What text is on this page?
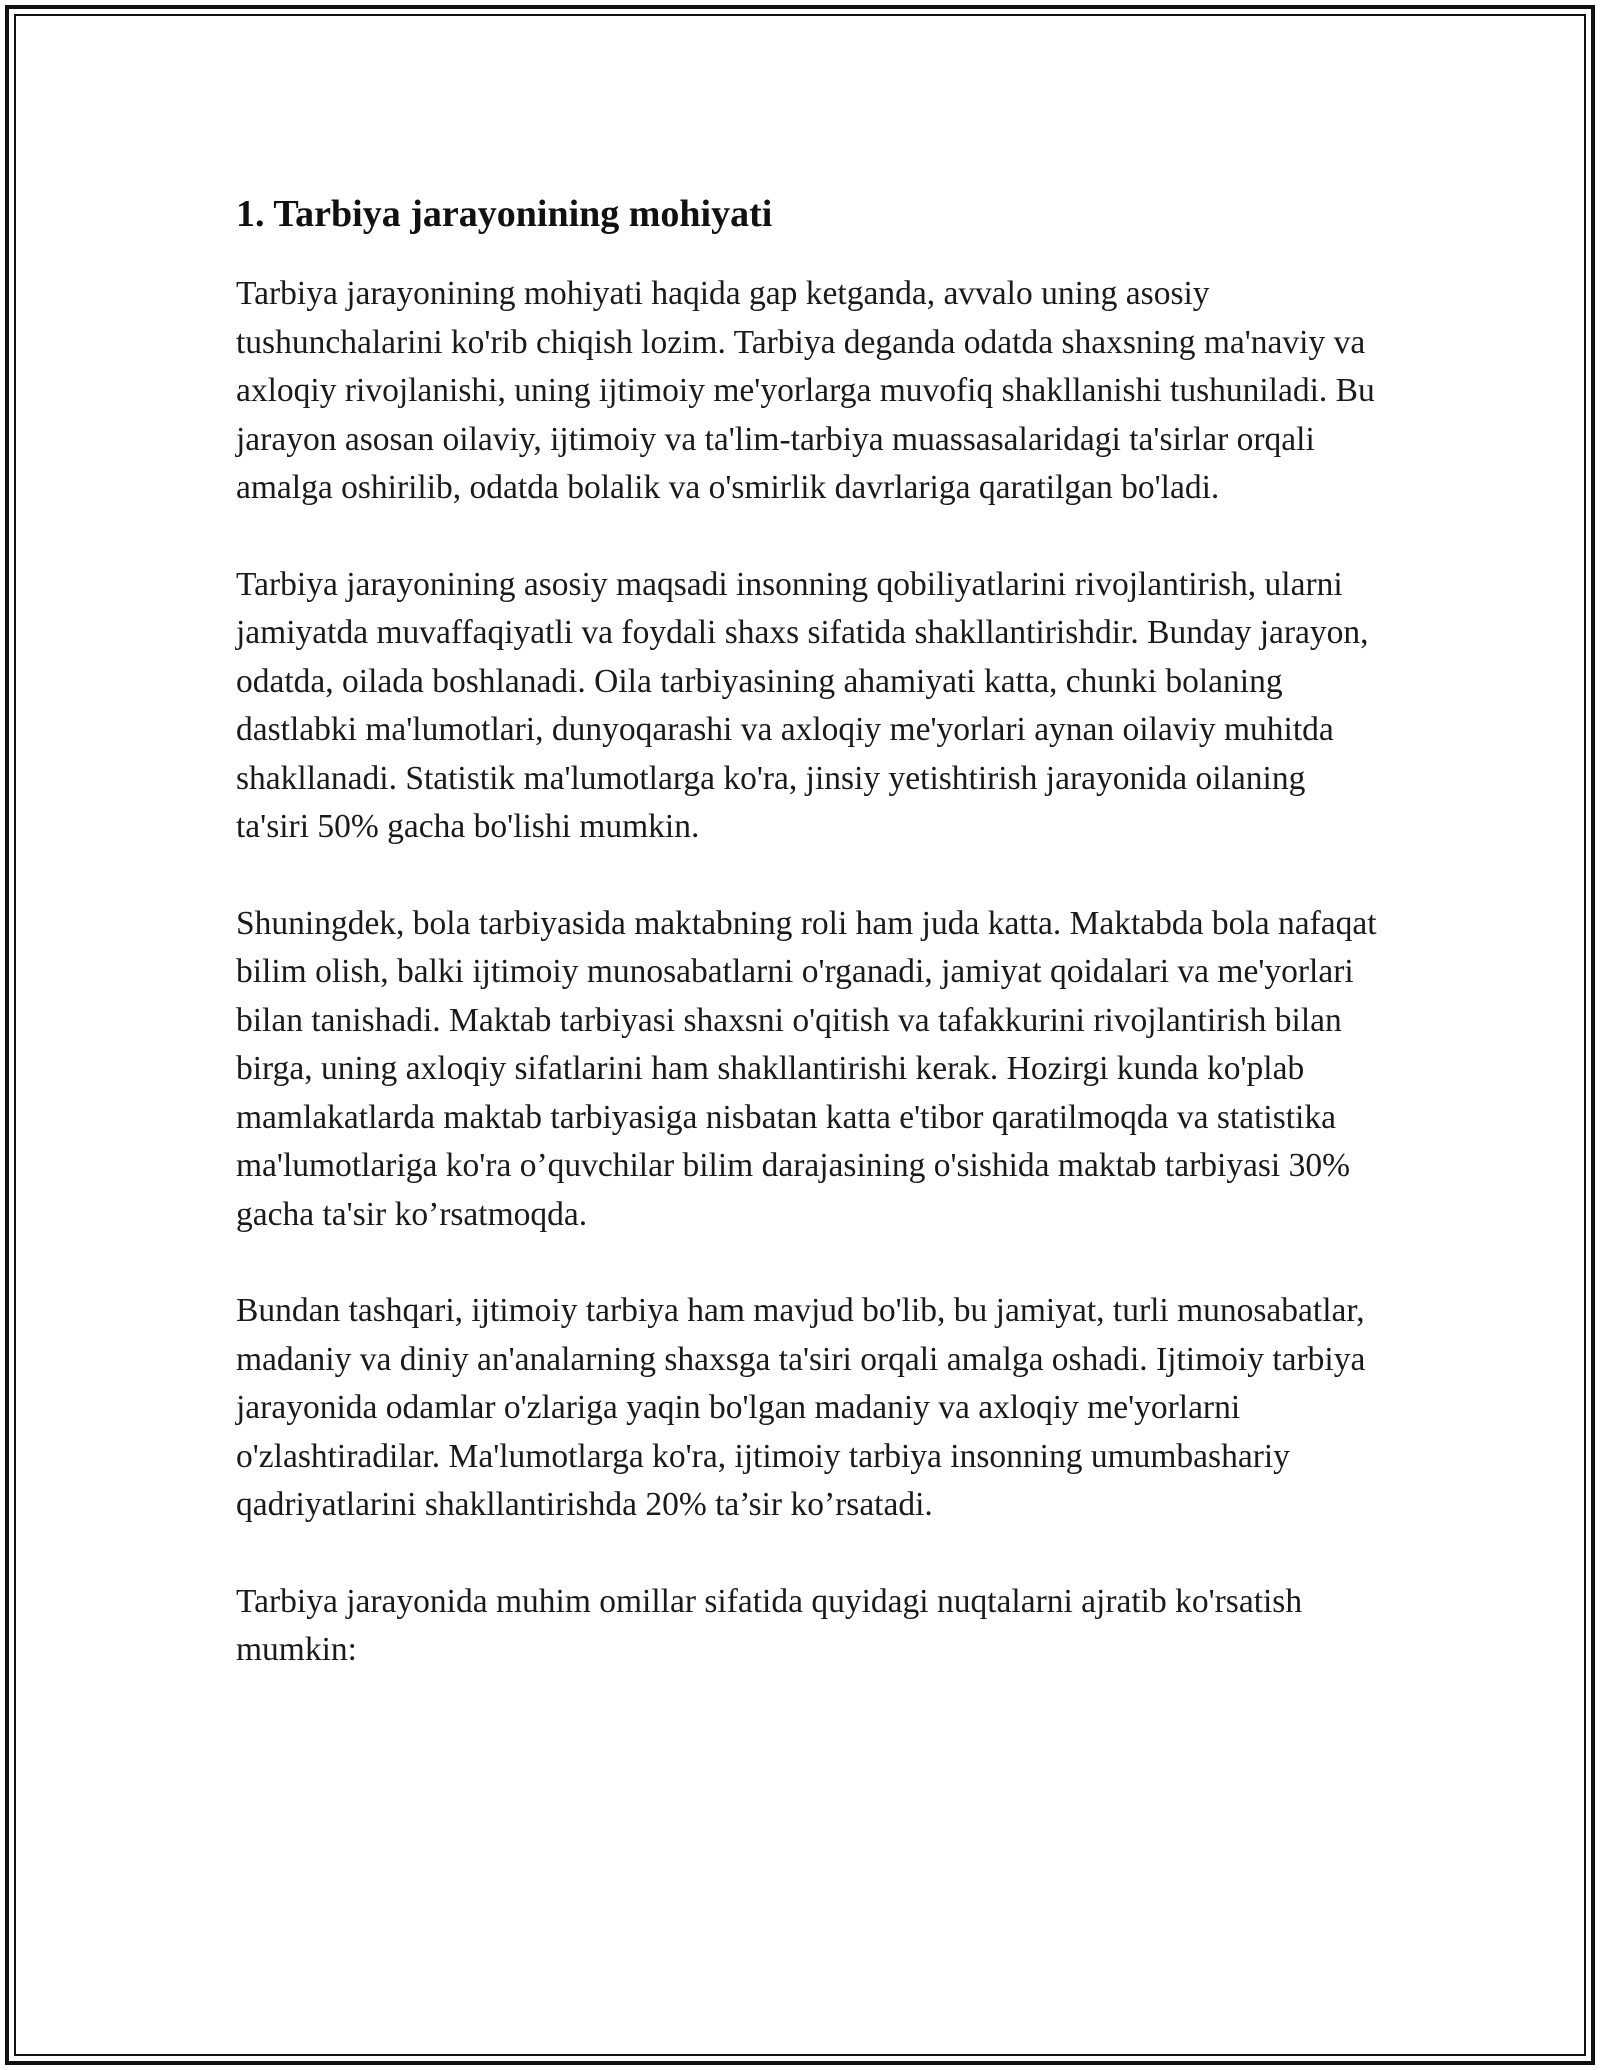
1. Tarbiya jarayonining mohiyati

Tarbiya jarayonining mohiyati haqida gap ketganda, avvalo uning asosiy tushunchalarini ko'rib chiqish lozim. Tarbiya deganda odatda shaxsning ma'naviy va axloqiy rivojlanishi, uning ijtimoiy me'yorlarga muvofiq shakllanishi tushuniladi. Bu jarayon asosan oilaviy, ijtimoiy va ta'lim-tarbiya muassasalaridagi ta'sirlar orqali amalga oshirilib, odatda bolalik va o'smirlik davrlariga qaratilgan bo'ladi.

Tarbiya jarayonining asosiy maqsadi insonning qobiliyatlarini rivojlantirish, ularni jamiyatda muvaffaqiyatli va foydali shaxs sifatida shakllantirishdir. Bunday jarayon, odatda, oilada boshlanadi. Oila tarbiyasining ahamiyati katta, chunki bolaning dastlabki ma'lumotlari, dunyoqarashi va axloqiy me'yorlari aynan oilaviy muhitda shakllanadi. Statistik ma'lumotlarga ko'ra, jinsiy yetishtirish jarayonida oilaning ta'siri 50% gacha bo'lishi mumkin.

Shuningdek, bola tarbiyasida maktabning roli ham juda katta. Maktabda bola nafaqat bilim olish, balki ijtimoiy munosabatlarni o'rganadi, jamiyat qoidalari va me'yorlari bilan tanishadi. Maktab tarbiyasi shaxsni o'qitish va tafakkurini rivojlantirish bilan birga, uning axloqiy sifatlarini ham shakllantirishi kerak. Hozirgi kunda ko'plab mamlakatlarda maktab tarbiyasiga nisbatan katta e'tibor qaratilmoqda va statistika ma'lumotlariga ko'ra o’quvchilar bilim darajasining o'sishida maktab tarbiyasi 30% gacha ta'sir ko’rsatmoqda.

Bundan tashqari, ijtimoiy tarbiya ham mavjud bo'lib, bu jamiyat, turli munosabatlar, madaniy va diniy an'analarning shaxsga ta'siri orqali amalga oshadi. Ijtimoiy tarbiya jarayonida odamlar o'zlariga yaqin bo'lgan madaniy va axloqiy me'yorlarni o'zlashtiradilar. Ma'lumotlarga ko'ra, ijtimoiy tarbiya insonning umumbashariy qadriyatlarini shakllantirishda 20% ta’sir ko’rsatadi.

Tarbiya jarayonida muhim omillar sifatida quyidagi nuqtalarni ajratib ko'rsatish mumkin:
